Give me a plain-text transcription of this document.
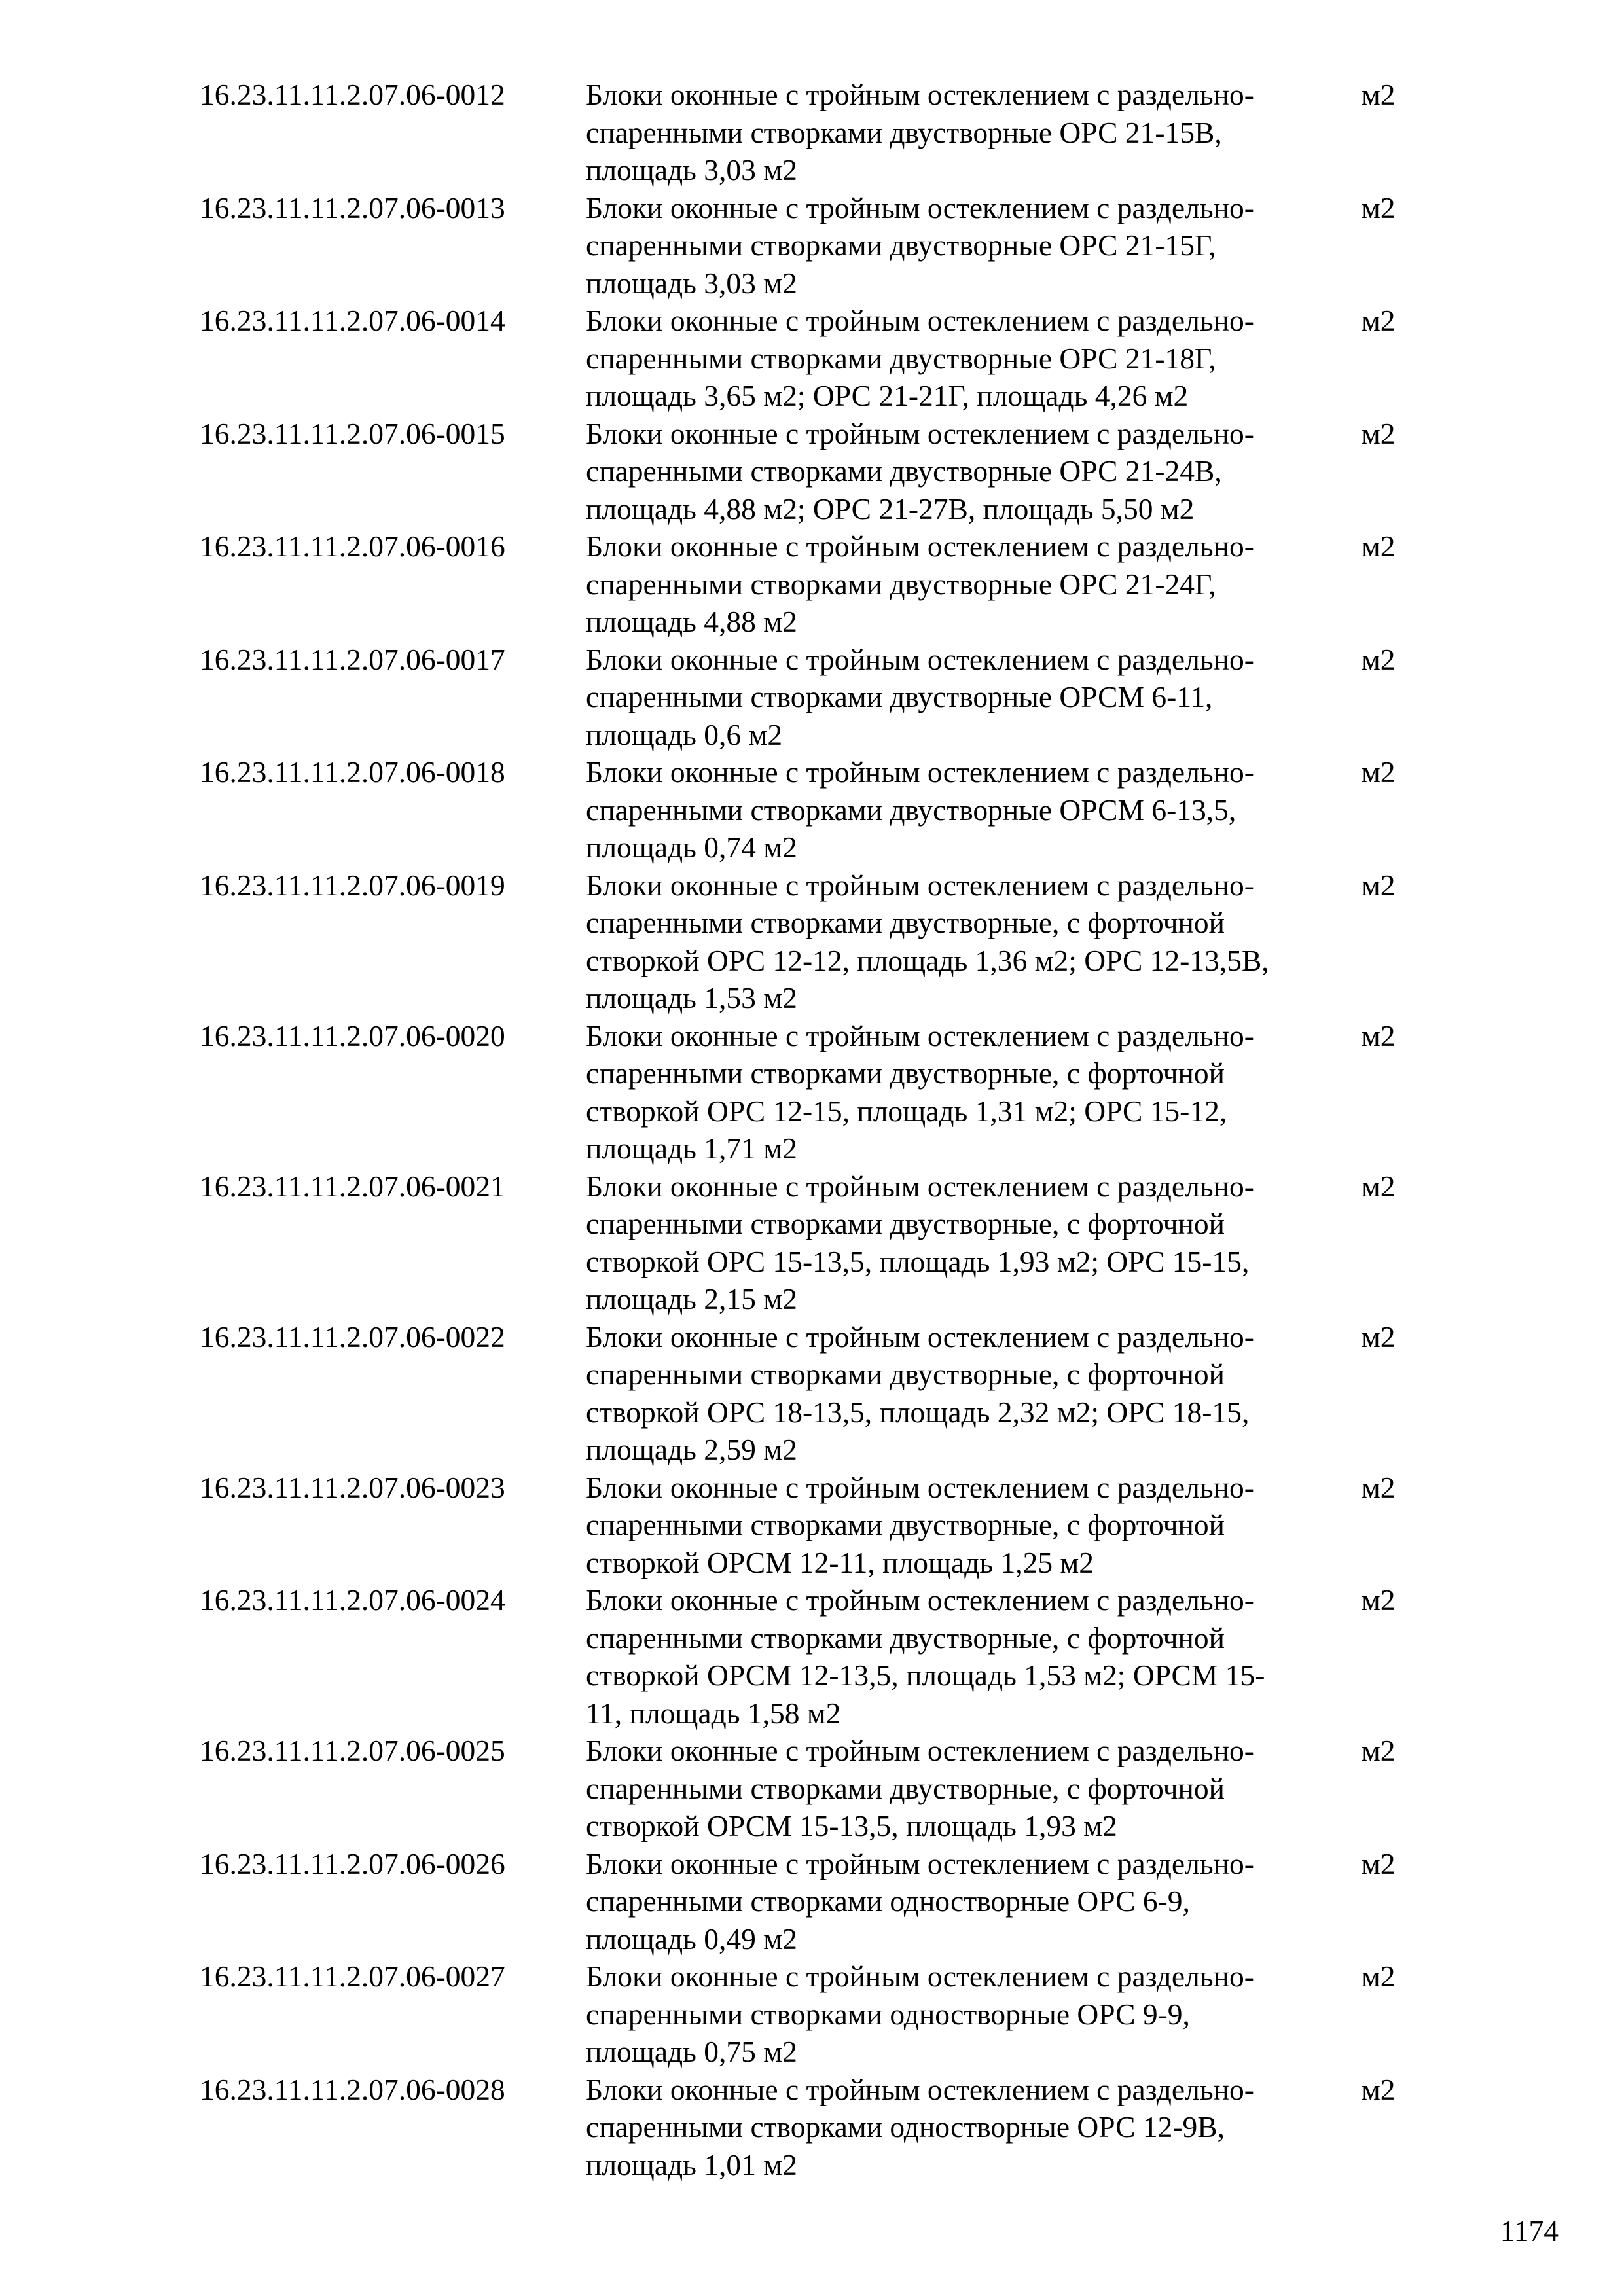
16.23.11.11.2.07.06-0012	Блоки оконные с тройным остеклением с раздельно-
спаренными створками двустворные ОРС 21-15В,
площадь 3,03 м2	м2
16.23.11.11.2.07.06-0013	Блоки оконные с тройным остеклением с раздельно-
спаренными створками двустворные ОРС 21-15Г,
площадь 3,03 м2	м2
16.23.11.11.2.07.06-0014	Блоки оконные с тройным остеклением с раздельно-
спаренными створками двустворные ОРС 21-18Г,
площадь 3,65 м2; ОРС 21-21Г, площадь 4,26 м2	м2
16.23.11.11.2.07.06-0015	Блоки оконные с тройным остеклением с раздельно-
спаренными створками двустворные ОРС 21-24В,
площадь 4,88 м2; ОРС 21-27В, площадь 5,50 м2	м2
16.23.11.11.2.07.06-0016	Блоки оконные с тройным остеклением с раздельно-
спаренными створками двустворные ОРС 21-24Г,
площадь 4,88 м2	м2
16.23.11.11.2.07.06-0017	Блоки оконные с тройным остеклением с раздельно-
спаренными створками двустворные ОРСМ 6-11,
площадь 0,6 м2	м2
16.23.11.11.2.07.06-0018	Блоки оконные с тройным остеклением с раздельно-
спаренными створками двустворные ОРСМ 6-13,5,
площадь 0,74 м2	м2
16.23.11.11.2.07.06-0019	Блоки оконные с тройным остеклением с раздельно-
спаренными створками двустворные, с форточной
створкой ОРС 12-12, площадь 1,36 м2; ОРС 12-13,5В,
площадь 1,53 м2	м2
16.23.11.11.2.07.06-0020	Блоки оконные с тройным остеклением с раздельно-
спаренными створками двустворные, с форточной
створкой ОРС 12-15, площадь 1,31 м2; ОРС 15-12,
площадь 1,71 м2	м2
16.23.11.11.2.07.06-0021	Блоки оконные с тройным остеклением с раздельно-
спаренными створками двустворные, с форточной
створкой ОРС 15-13,5, площадь 1,93 м2; ОРС 15-15,
площадь 2,15 м2	м2
16.23.11.11.2.07.06-0022	Блоки оконные с тройным остеклением с раздельно-
спаренными створками двустворные, с форточной
створкой ОРС 18-13,5, площадь 2,32 м2; ОРС 18-15,
площадь 2,59 м2	м2
16.23.11.11.2.07.06-0023	Блоки оконные с тройным остеклением с раздельно-
спаренными створками двустворные, с форточной
створкой ОРСМ 12-11, площадь 1,25 м2	м2
16.23.11.11.2.07.06-0024	Блоки оконные с тройным остеклением с раздельно-
спаренными створками двустворные, с форточной
створкой ОРСМ 12-13,5, площадь 1,53 м2; ОРСМ 15-
11, площадь 1,58 м2	м2
16.23.11.11.2.07.06-0025	Блоки оконные с тройным остеклением с раздельно-
спаренными створками двустворные, с форточной
створкой ОРСМ 15-13,5, площадь 1,93 м2	м2
16.23.11.11.2.07.06-0026	Блоки оконные с тройным остеклением с раздельно-
спаренными створками одностворные ОРС 6-9,
площадь 0,49 м2	м2
16.23.11.11.2.07.06-0027	Блоки оконные с тройным остеклением с раздельно-
спаренными створками одностворные ОРС 9-9,
площадь 0,75 м2	м2
16.23.11.11.2.07.06-0028	Блоки оконные с тройным остеклением с раздельно-
спаренными створками одностворные ОРС 12-9В,
площадь 1,01 м2	м2
1174
